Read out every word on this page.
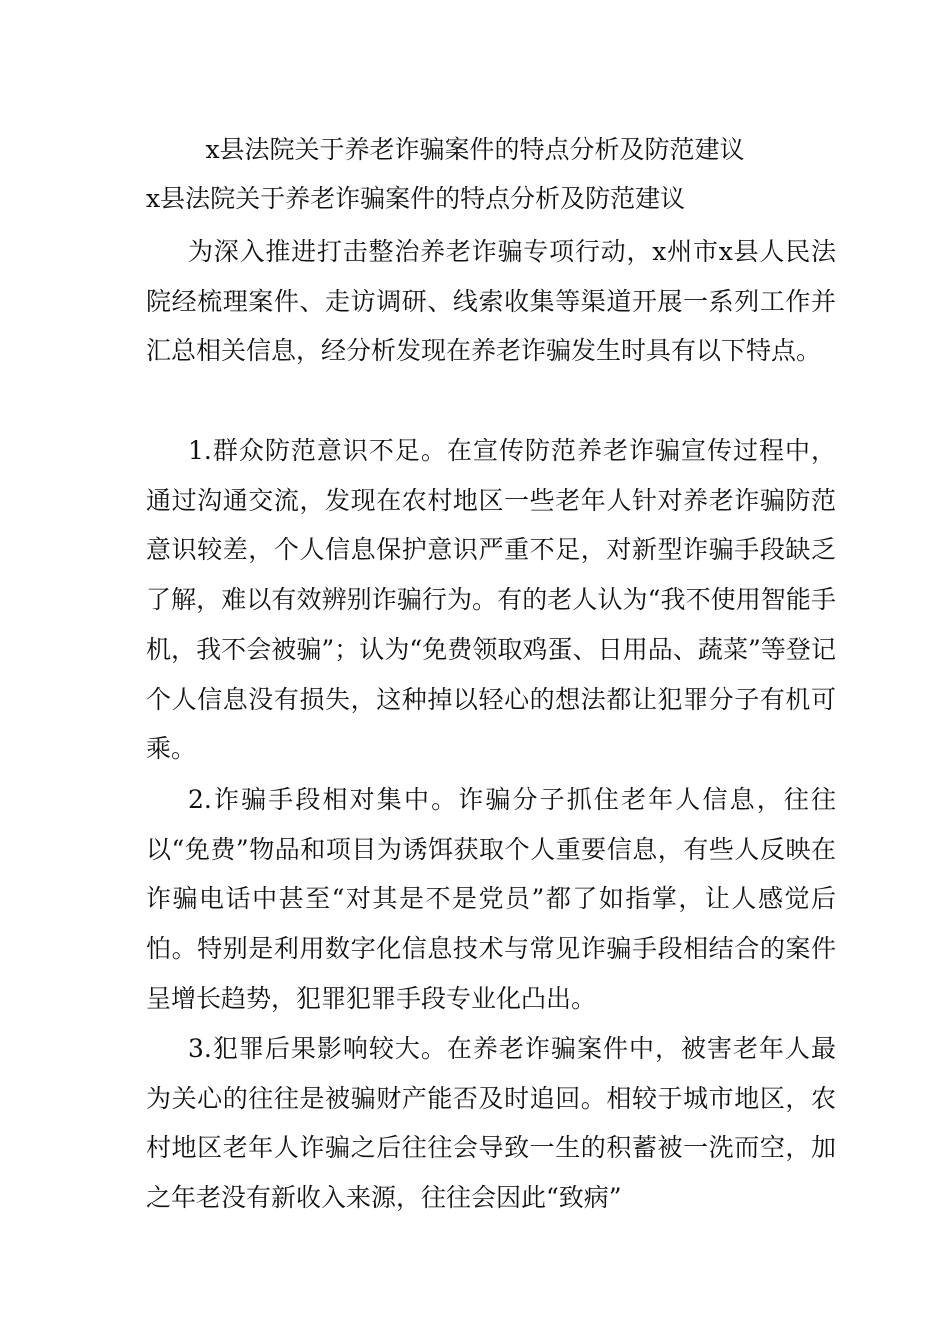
x县法院关于养老诈骗案件的特点分析及防范建议
x县法院关于养老诈骗案件的特点分析及防范建议

为深入推进打击整治养老诈骗专项行动，x州市x县人民法院经梳理案件、走访调研、线索收集等渠道开展一系列工作并汇总相关信息，经分析发现在养老诈骗发生时具有以下特点。

1.群众防范意识不足。在宣传防范养老诈骗宣传过程中，通过沟通交流，发现在农村地区一些老年人针对养老诈骗防范意识较差，个人信息保护意识严重不足，对新型诈骗手段缺乏了解，难以有效辨别诈骗行为。有的老人认为“我不使用智能手机，我不会被骗”；认为“免费领取鸡蛋、日用品、蔬菜”等登记个人信息没有损失，这种掉以轻心的想法都让犯罪分子有机可乘。

2.诈骗手段相对集中。诈骗分子抓住老年人信息，往往以“免费”物品和项目为诱饵获取个人重要信息，有些人反映在诈骗电话中甚至“对其是不是党员”都了如指掌，让人感觉后怕。特别是利用数字化信息技术与常见诈骗手段相结合的案件呈增长趋势，犯罪犯罪手段专业化凸出。

3.犯罪后果影响较大。在养老诈骗案件中，被害老年人最为关心的往往是被骗财产能否及时追回。相较于城市地区，农村地区老年人诈骗之后往往会导致一生的积蓄被一洗而空，加之年老没有新收入来源，往往会因此“致病”
